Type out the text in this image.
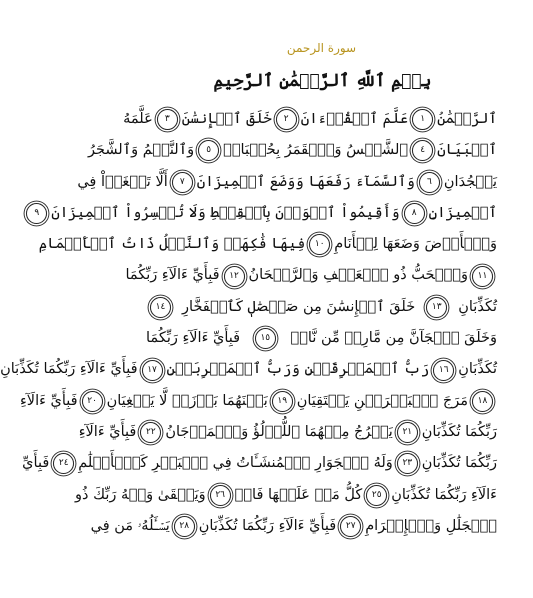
سورة الرحمن
بِسۡمِ ٱللَّهِ ٱلرَّحۡمَٰنِ ٱلرَّحِيمِ
ٱلرَّحۡمَٰنُ
١
عَلَّمَ ٱلۡقُرۡءَانَ
٢
خَلَقَ ٱلۡإِنسَٰنَ
٣
عَلَّمَهُ
ٱلۡبَيَانَ
٤
ٱلشَّمۡسُ وَٱلۡقَمَرُ بِحُسۡبَانٖ
٥
وَٱلنَّجۡمُ وَٱلشَّجَرُ
يَسۡجُدَانِ
٦
وَٱلسَّمَآءَ رَفَعَهَا وَوَضَعَ ٱلۡمِيزَانَ
٧
أَلَّا تَطۡغَوۡاْ فِي
ٱلۡمِيزَانِ
٨
وَأَقِيمُواْ ٱلۡوَزۡنَ بِٱلۡقِسۡطِ وَلَا تُخۡسِرُواْ ٱلۡمِيزَانَ
٩
وَٱلۡأَرۡضَ وَضَعَهَا لِلۡأَنَامِ
١٠
فِيهَا فَٰكِهَةٞ وَٱلنَّخۡلُ ذَاتُ ٱلۡأَكۡمَامِ
١١
وَٱلۡحَبُّ ذُو ٱلۡعَصۡفِ وَٱلرَّيۡحَانُ
١٢
فَبِأَيِّ ءَالَآءِ رَبِّكُمَا
تُكَذِّبَانِ
١٣
خَلَقَ ٱلۡإِنسَٰنَ مِن صَلۡصَٰلٖ كَٱلۡفَخَّارِ
١٤
وَخَلَقَ ٱلۡجَآنَّ مِن مَّارِجٖ مِّن نَّارٖ
١٥
فَبِأَيِّ ءَالَآءِ رَبِّكُمَا
تُكَذِّبَانِ
١٦
رَبُّ ٱلۡمَشۡرِقَيۡنِ وَرَبُّ ٱلۡمَغۡرِبَيۡنِ
١٧
فَبِأَيِّ ءَالَآءِ رَبِّكُمَا تُكَذِّبَانِ
١٨
مَرَجَ ٱلۡبَحۡرَيۡنِ يَلۡتَقِيَانِ
١٩
بَيۡنَهُمَا بَرۡزَخٞ لَّا يَبۡغِيَانِ
٢٠
فَبِأَيِّ ءَالَآءِ
رَبِّكُمَا تُكَذِّبَانِ
٢١
يَخۡرُجُ مِنۡهُمَا ٱللُّؤۡلُؤُ وَٱلۡمَرۡجَانُ
٢٢
فَبِأَيِّ ءَالَآءِ
رَبِّكُمَا تُكَذِّبَانِ
٢٣
وَلَهُ ٱلۡجَوَارِ ٱلۡمُنشَـَٔاتُ فِي ٱلۡبَحۡرِ كَٱلۡأَعۡلَٰمِ
٢٤
فَبِأَيِّ
ءَالَآءِ رَبِّكُمَا تُكَذِّبَانِ
٢٥
كُلُّ مَنۡ عَلَيۡهَا فَانٖ
٢٦
وَيَبۡقَىٰ وَجۡهُ رَبِّكَ ذُو
ٱلۡجَلَٰلِ وَٱلۡإِكۡرَامِ
٢٧
فَبِأَيِّ ءَالَآءِ رَبِّكُمَا تُكَذِّبَانِ
٢٨
يَسۡـَٔلُهُۥ مَن فِي
